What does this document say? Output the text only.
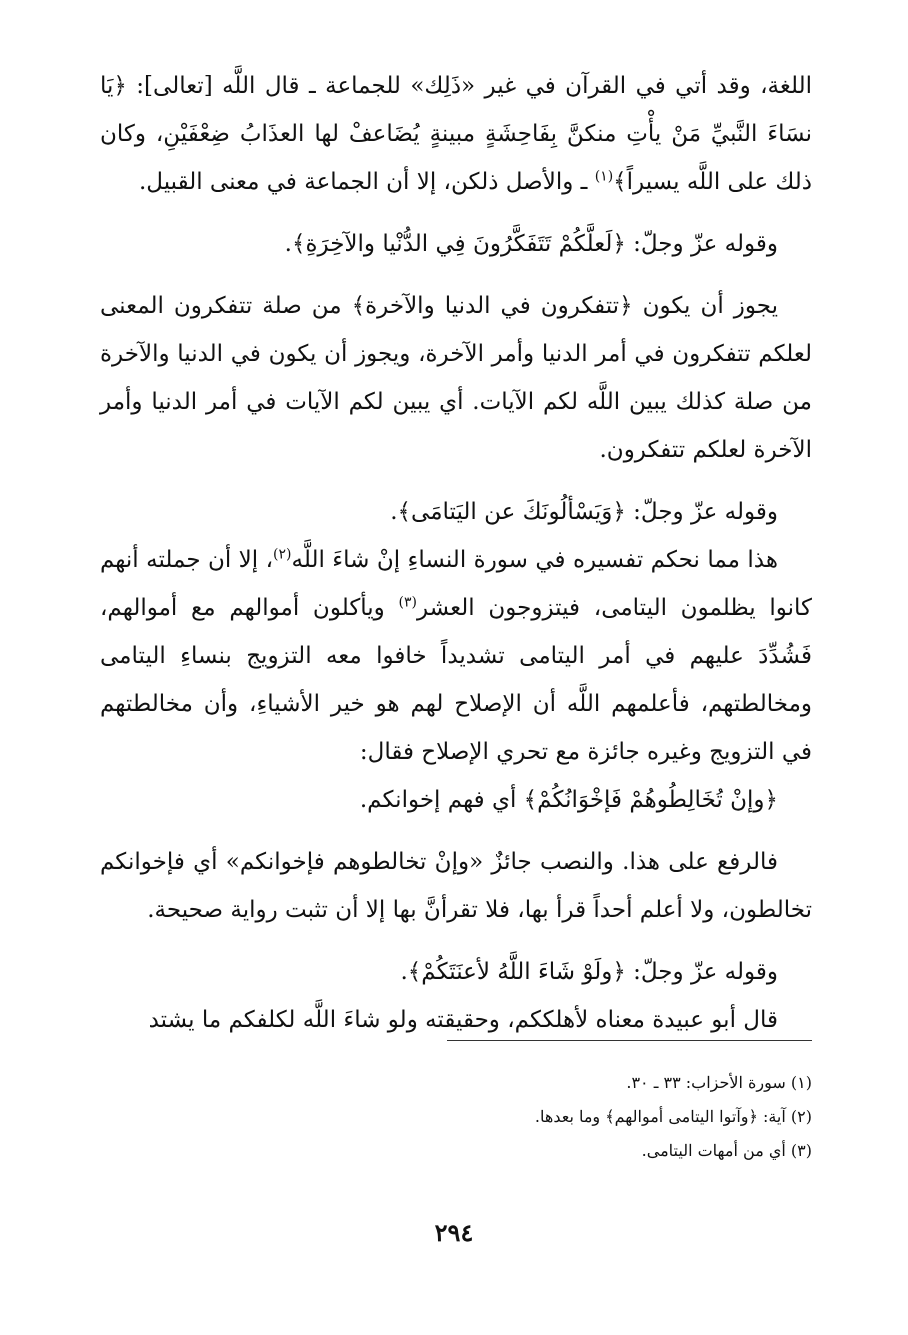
اللغة، وقد أتي في القرآن في غير «ذَلِك» للجماعة ـ قال اللَّه [تعالى]: ﴿يَا نسَاءَ النَّبيِّ مَنْ يأْتِ منكنَّ بِفَاحِشَةٍ مبينةٍ يُضَاعفْ لها العذَابُ ضِعْفَيْنِ، وكان ذلك على اللَّه يسيراً﴾$^{(١)}$ ـ والأصل ذلكن، إلا أن الجماعة في معنى القبيل.

وقوله عزّ وجلّ: ﴿لَعلَّكُمْ تَتَفَكَّرُونَ فِي الدُّنْيا والآخِرَةِ﴾.

يجوز أن يكون ﴿تتفكرون في الدنيا والآخرة﴾ من صلة تتفكرون المعنى لعلكم تتفكرون في أمر الدنيا وأمر الآخرة، ويجوز أن يكون في الدنيا والآخرة من صلة كذلك يبين اللَّه لكم الآيات. أي يبين لكم الآيات في أمر الدنيا وأمر الآخرة لعلكم تتفكرون.

وقوله عزّ وجلّ: ﴿وَيَسْألُونَكَ عن اليَتامَى﴾.

هذا مما نحكم تفسيره في سورة النساءِ إنْ شاءَ اللَّه$^{(٢)}$، إلا أن جملته أنهم كانوا يظلمون اليتامى، فيتزوجون العشر$^{(٣)}$ ويأكلون أموالهم مع أموالهم، فَشُدِّدَ عليهم في أمر اليتامى تشديداً خافوا معه التزويج بنساءِ اليتامى ومخالطتهم، فأعلمهم اللَّه أن الإصلاح لهم هو خير الأشياءِ، وأن مخالطتهم في التزويج وغيره جائزة مع تحري الإصلاح فقال:

﴿وإنْ تُخَالِطُوهُمْ فَإخْوَانُكُمْ﴾ أي فهم إخوانكم.

فالرفع على هذا. والنصب جائزٌ «وإنْ تخالطوهم فإخوانكم» أي فإخوانكم تخالطون، ولا أعلم أحداً قرأ بها، فلا تقرأنَّ بها إلا أن تثبت رواية صحيحة.

وقوله عزّ وجلّ: ﴿ولَوْ شَاءَ اللَّهُ لأعنَتَكُمْ﴾.

قال أبو عبيدة معناه لأهلككم، وحقيقته ولو شاءَ اللَّه لكلفكم ما يشتد

(١) سورة الأحزاب: ٣٣ ـ ٣٠.

(٢) آية: ﴿وآتوا اليتامى أموالهم﴾ وما بعدها.

(٣) أي من أمهات اليتامى.

٢٩٤
